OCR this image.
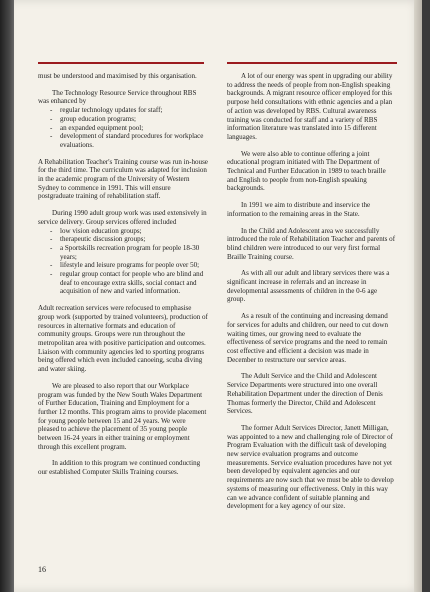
must be understood and maximised by this organisation.

The Technology Resource Service throughout RBS was enhanced by

- regular technology updates for staff;
- group education programs;
- an expanded equipment pool;
- development of standard procedures for workplace evaluations.

A Rehabilitation Teacher's Training course was run in-house for the third time. The curriculum was adapted for inclusion in the academic program of the University of Western Sydney to commence in 1991. This will ensure postgraduate training of rehabilitation staff.

During 1990 adult group work was used extensively in service delivery. Group services offered included

- low vision education groups;
- therapeutic discussion groups;
- a Sportskills recreation program for people 18-30 years;
- lifestyle and leisure programs for people over 50;
- regular group contact for people who are blind and deaf to encourage extra skills, social contact and acquisition of new and varied information.

Adult recreation services were refocused to emphasise group work (supported by trained volunteers), production of resources in alternative formats and education of community groups. Groups were run throughout the metropolitan area with positive participation and outcomes. Liaison with community agencies led to sporting programs being offered which even included canoeing, scuba diving and water skiing.

We are pleased to also report that our Workplace program was funded by the New South Wales Department of Further Education, Training and Employment for a further 12 months. This program aims to provide placement for young people between 15 and 24 years. We were pleased to achieve the placement of 35 young people between 16-24 years in either training or employment through this excellent program.

In addition to this program we continued conducting our established Computer Skills Training courses.

A lot of our energy was spent in upgrading our ability to address the needs of people from non-English speaking backgrounds. A migrant resource officer employed for this purpose held consultations with ethnic agencies and a plan of action was developed by RBS. Cultural awareness training was conducted for staff and a variety of RBS information literature was translated into 15 different languages.

We were also able to continue offering a joint educational program initiated with The Department of Technical and Further Education in 1989 to teach braille and English to people from non-English speaking backgrounds.

In 1991 we aim to distribute and inservice the information to the remaining areas in the State.

In the Child and Adolescent area we successfully introduced the role of Rehabilitation Teacher and parents of blind children were introduced to our very first formal Braille Training course.

As with all our adult and library services there was a significant increase in referrals and an increase in developmental assessments of children in the 0-6 age group.

As a result of the continuing and increasing demand for services for adults and children, our need to cut down waiting times, our growing need to evaluate the effectiveness of service programs and the need to remain cost effective and efficient a decision was made in December to restructure our service areas.

The Adult Service and the Child and Adolescent Service Departments were structured into one overall Rehabilitation Department under the direction of Denis Thomas formerly the Director, Child and Adolescent Services.

The former Adult Services Director, Janett Milligan, was appointed to a new and challenging role of Director of Program Evaluation with the difficult task of developing new service evaluation programs and outcome measurements. Service evaluation procedures have not yet been developed by equivalent agencies and our requirements are now such that we must be able to develop systems of measuring our effectiveness. Only in this way can we advance confident of suitable planning and development for a key agency of our size.

16
